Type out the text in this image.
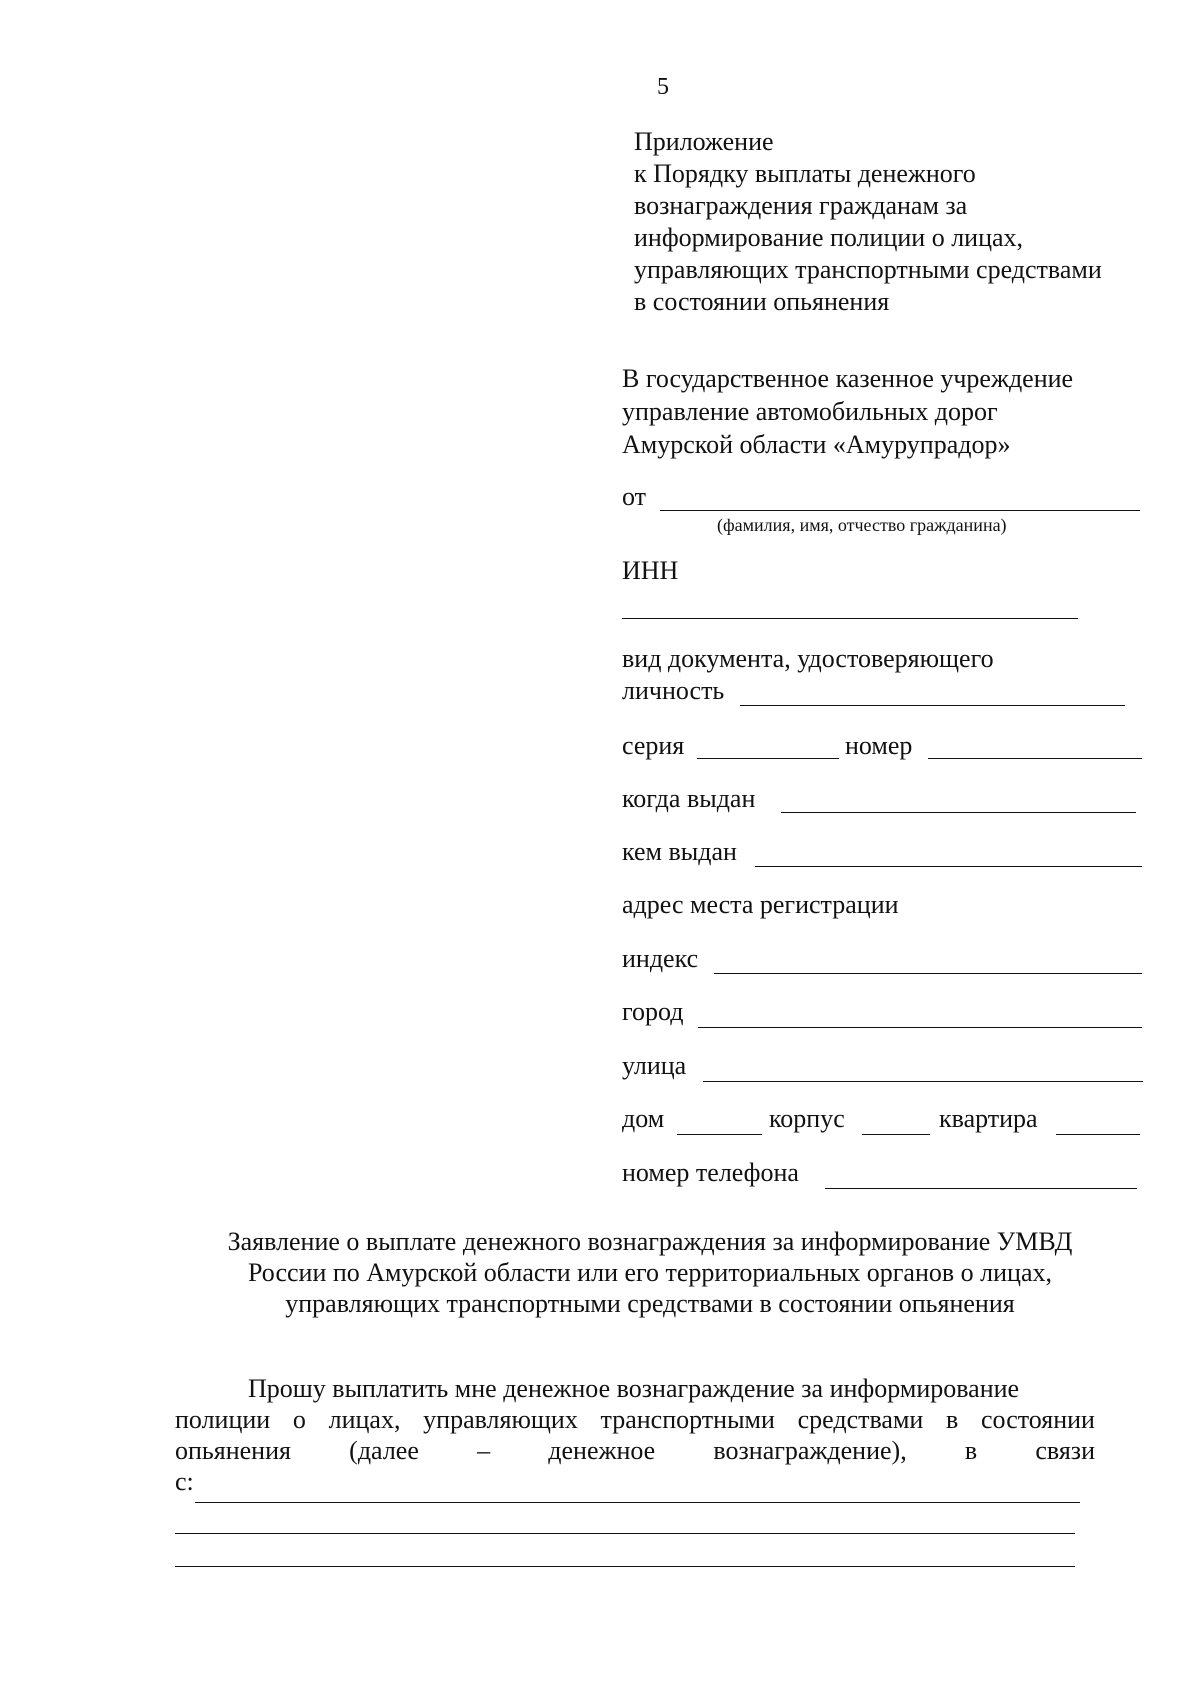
5
Приложение
к Порядку выплаты денежного
вознаграждения гражданам за
информирование полиции о лицах,
управляющих транспортными средствами
в состоянии опьянения
В государственное казенное учреждение
управление автомобильных дорог
Амурской области «Амурупрадор»
от
(фамилия, имя, отчество гражданина)
ИНН
вид документа, удостоверяющего
личность
серия	номер
когда выдан
кем выдан
адрес места регистрации
индекс
город
улица
дом	корпус	квартира
номер телефона
Заявление о выплате денежного вознаграждения за информирование УМВД
России по Амурской области или его территориальных органов о лицах,
управляющих транспортными средствами в состоянии опьянения
Прошу выплатить мне денежное вознаграждение за информирование
полиции о лицах, управляющих транспортными средствами в состоянии
опьянения (далее – денежное вознаграждение), в связи
с:
